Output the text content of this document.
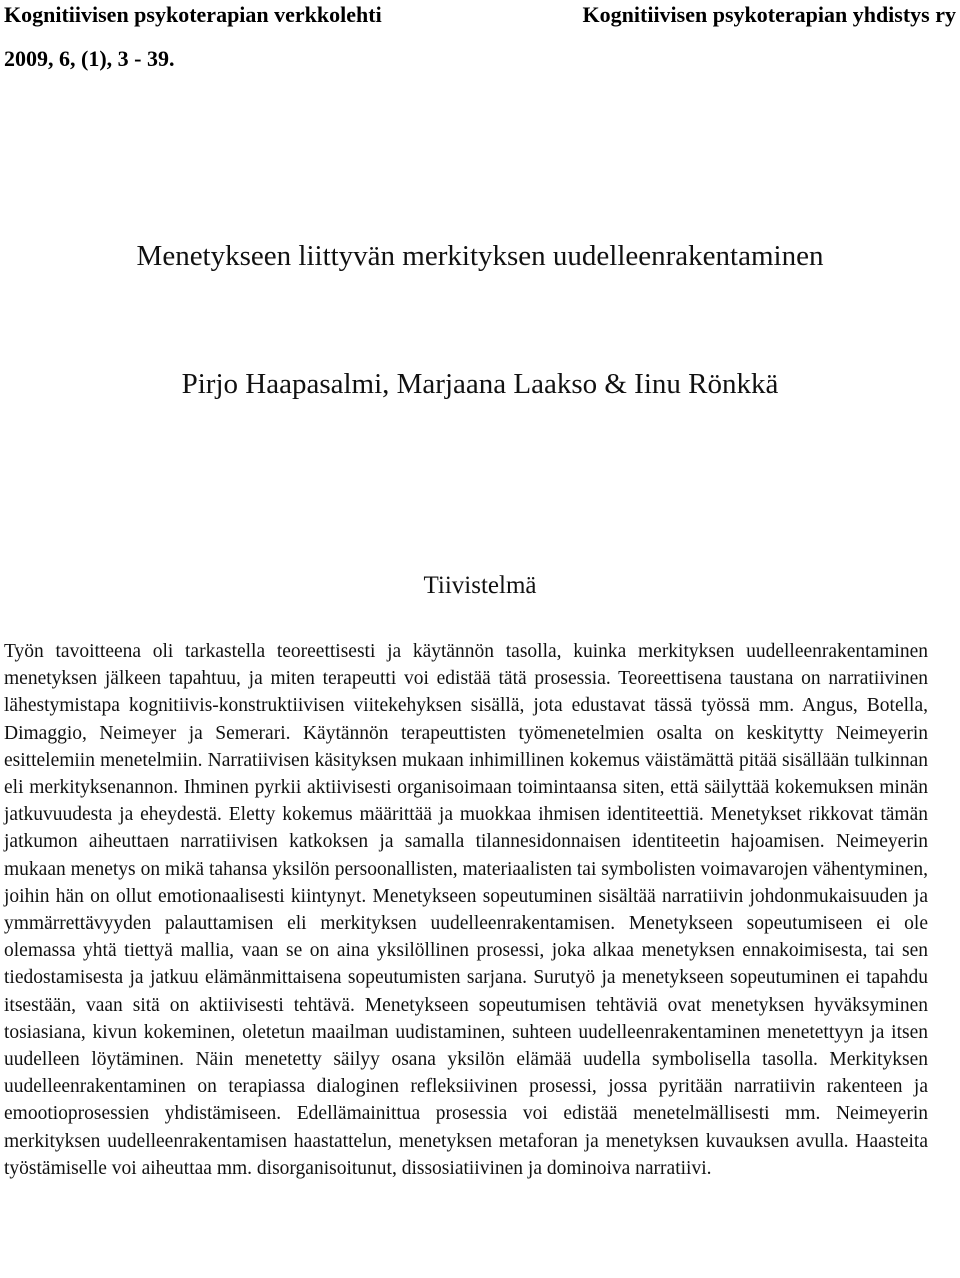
Kognitiivisen psykoterapian verkkolehti	Kognitiivisen psykoterapian yhdistys ry
2009, 6, (1), 3 - 39.
Menetykseen liittyvän merkityksen uudelleenrakentaminen
Pirjo Haapasalmi, Marjaana Laakso & Iinu Rönkkä
Tiivistelmä

Työn tavoitteena oli tarkastella teoreettisesti ja käytännön tasolla, kuinka merkityksen uudelleenrakentaminen menetyksen jälkeen tapahtuu, ja miten terapeutti voi edistää tätä prosessia. Teoreettisena taustana on narratiivinen lähestymistapa kognitiivis-konstruktiivisen viitekehyksen sisällä, jota edustavat tässä työssä mm. Angus, Botella, Dimaggio, Neimeyer ja Semerari. Käytännön terapeuttisten työmenetelmien osalta on keskitytty Neimeyerin esittelemiin menetelmiin. Narratiivisen käsityksen mukaan inhimillinen kokemus väistämättä pitää sisällään tulkinnan eli merkityksenannon. Ihminen pyrkii aktiivisesti organisoimaan toimintaansa siten, että säilyttää kokemuksen minän jatkuvuudesta ja eheydestä. Eletty kokemus määrittää ja muokkaa ihmisen identiteettiä. Menetykset rikkovat tämän jatkumon aiheuttaen narratiivisen katkoksen ja samalla tilannesidonnaisen identiteetin hajoamisen. Neimeyerin mukaan menetys on mikä tahansa yksilön persoonallisten, materiaalisten tai symbolisten voimavarojen vähentyminen, joihin hän on ollut emotionaalisesti kiintynyt. Menetykseen sopeutuminen sisältää narratiivin johdonmukaisuuden ja ymmärrettävyyden palauttamisen eli merkityksen uudelleenrakentamisen. Menetykseen sopeutumiseen ei ole olemassa yhtä tiettyä mallia, vaan se on aina yksilöllinen prosessi, joka alkaa menetyksen ennakoimisesta, tai sen tiedostamisesta ja jatkuu elämänmittaisena sopeutumisten sarjana. Surutyö ja menetykseen sopeutuminen ei tapahdu itsestään, vaan sitä on aktiivisesti tehtävä. Menetykseen sopeutumisen tehtäviä ovat menetyksen hyväksyminen tosiasiana, kivun kokeminen, oletetun maailman uudistaminen, suhteen uudelleenrakentaminen menetettyyn ja itsen uudelleen löytäminen. Näin menetetty säilyy osana yksilön elämää uudella symbolisella tasolla. Merkityksen uudelleenrakentaminen on terapiassa dialoginen refleksiivinen prosessi, jossa pyritään narratiivin rakenteen ja emootioprosessien yhdistämiseen. Edellämainittua prosessia voi edistää menetelmällisesti mm. Neimeyerin merkityksen uudelleenrakentamisen haastattelun, menetyksen metaforan ja menetyksen kuvauksen avulla. Haasteita työstämiselle voi aiheuttaa mm. disorganisoitunut, dissosiatiivinen ja dominoiva narratiivi.
